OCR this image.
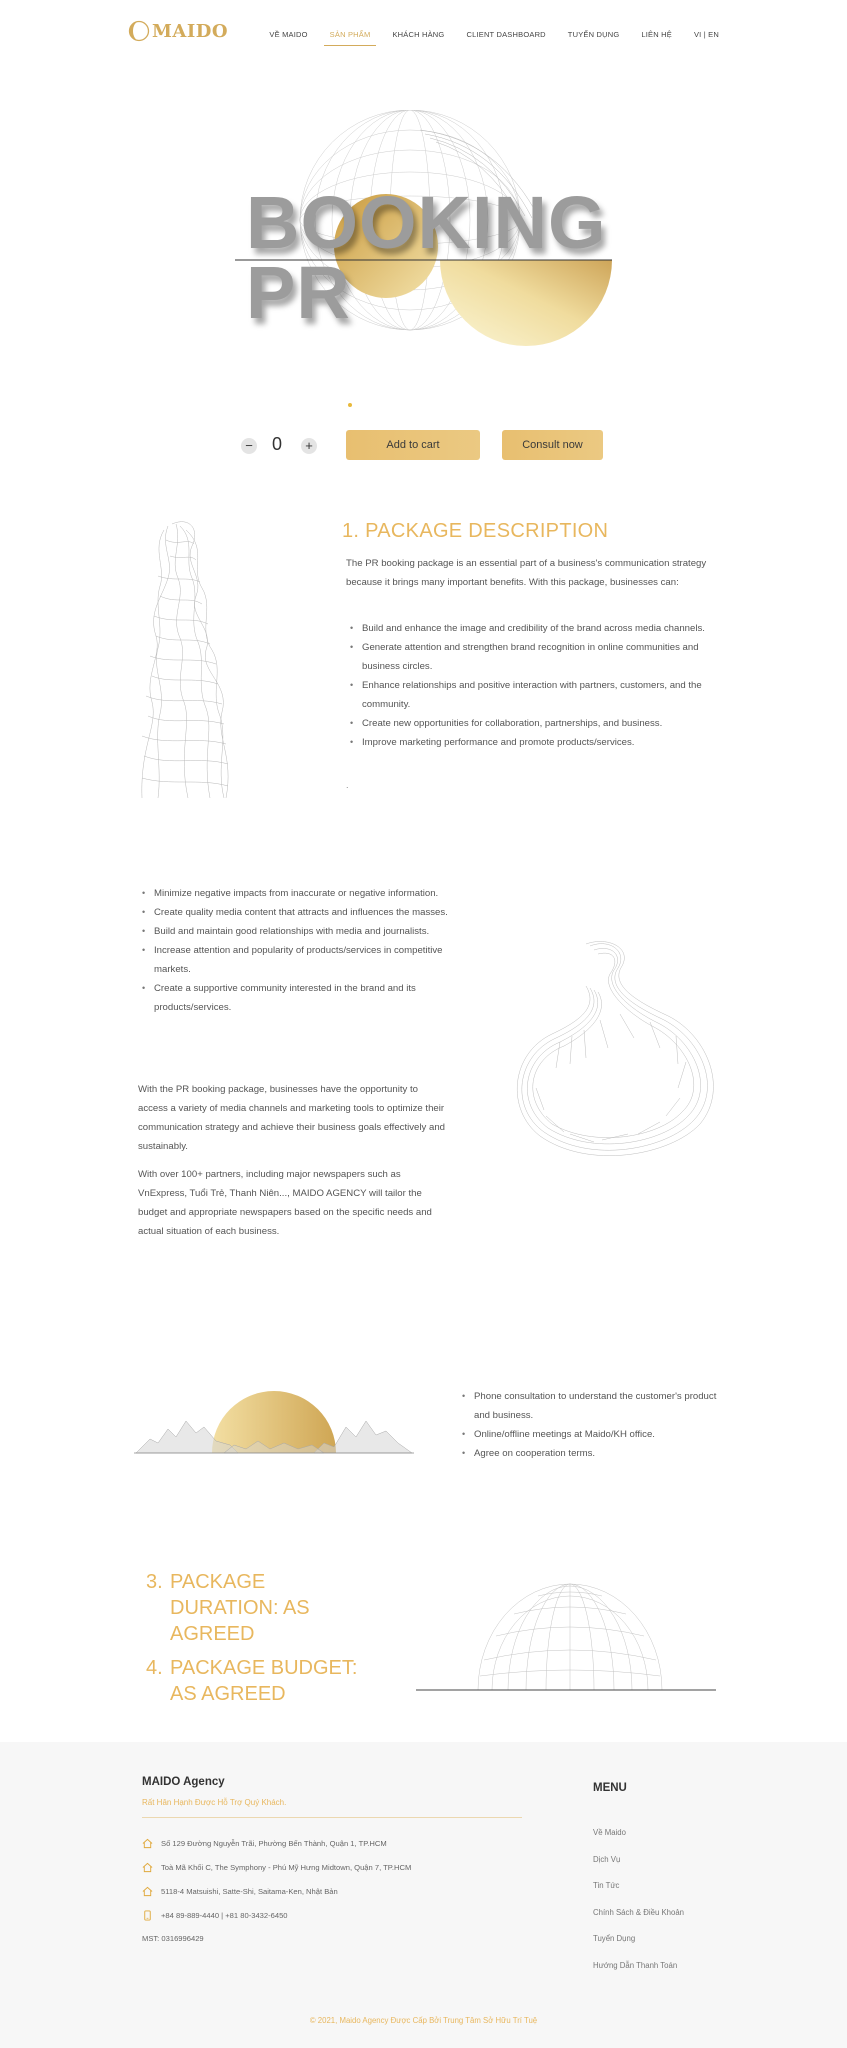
MAIDO	VỀ MAIDO	SẢN PHẨM	KHÁCH HÀNG	CLIENT DASHBOARD	TUYỂN DỤNG	LIÊN HỆ	VI | EN
BOOKING
PR
− 0	+	Add to cart	Consult now
1. PACKAGE DESCRIPTION

The PR booking package is an essential part of a business's communication strategy because it brings many important benefits. With this package, businesses can:

• Build and enhance the image and credibility of the brand across media channels.
• Generate attention and strengthen brand recognition in online communities and business circles.
• Enhance relationships and positive interaction with partners, customers, and the community.
• Create new opportunities for collaboration, partnerships, and business.
• Improve marketing performance and promote products/services.
.
• Minimize negative impacts from inaccurate or negative information.
• Create quality media content that attracts and influences the masses.
• Build and maintain good relationships with media and journalists.
• Increase attention and popularity of products/services in competitive markets.
• Create a supportive community interested in the brand and its products/services.

With the PR booking package, businesses have the opportunity to access a variety of media channels and marketing tools to optimize their communication strategy and achieve their business goals effectively and sustainably.

With over 100+ partners, including major newspapers such as VnExpress, Tuổi Trẻ, Thanh Niên..., MAIDO AGENCY will tailor the budget and appropriate newspapers based on the specific needs and actual situation of each business.

• Phone consultation to understand the customer's product and business.
• Online/offline meetings at Maido/KH office.
• Agree on cooperation terms.
3. PACKAGE DURATION: AS AGREED
4. PACKAGE BUDGET: AS AGREED
MAIDO Agency
Rất Hân Hạnh Được Hỗ Trợ Quý Khách.
Số 129 Đường Nguyễn Trãi, Phường Bến Thành, Quận 1, TP.HCM
Toà Mã Khối C, The Symphony - Phú Mỹ Hưng Midtown, Quận 7, TP.HCM
5118-4 Matsuishi, Satte-Shi, Saitama-Ken, Nhật Bản
+84 89-889-4440 | +81 80-3432-6450
MST: 0316996429
MENU
Về Maido
Dịch Vụ
Tin Tức
Chính Sách & Điều Khoản
Tuyển Dụng
Hướng Dẫn Thanh Toán
© 2021, Maido Agency Được Cấp Bởi Trung Tâm Sở Hữu Trí Tuệ
